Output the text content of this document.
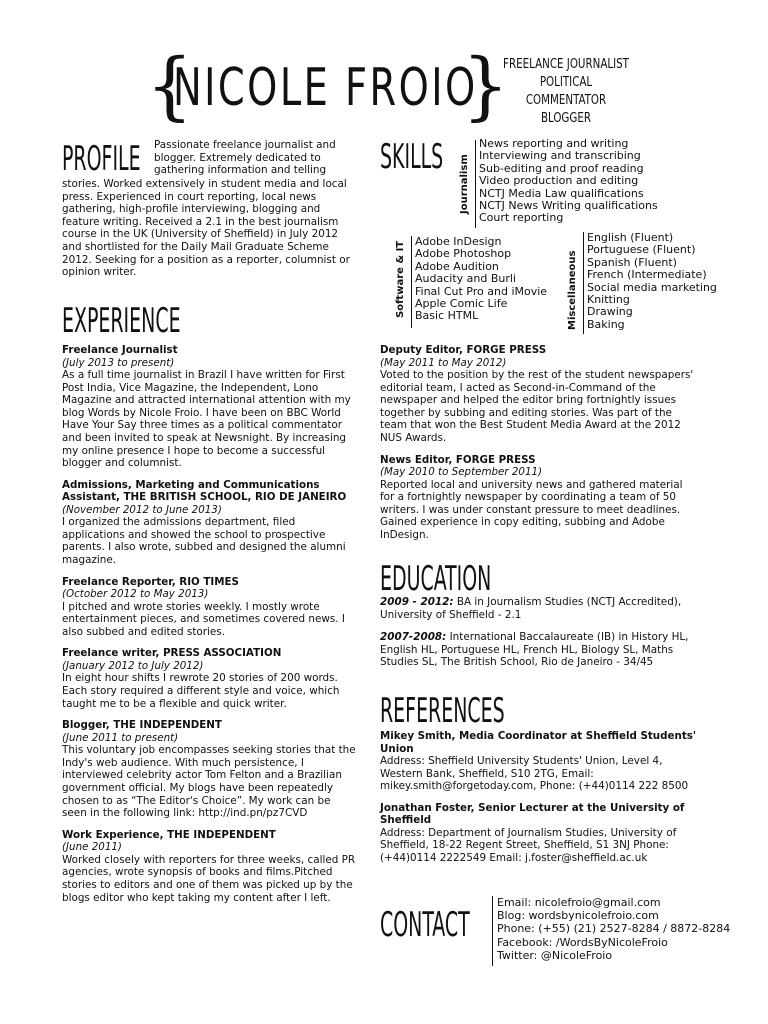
{
NICOLE FROIO
}
FREELANCE JOURNALIST
POLITICAL COMMENTATOR
BLOGGER
PROFILE Passionate freelance journalist and blogger. Extremely dedicated to gathering information and telling
stories. Worked extensively in student media and local press. Experienced in court reporting, local news gathering, high-profile interviewing, blogging and feature writing. Received a 2.1 in the best journalism course in the UK (University of Sheffield) in July 2012 and shortlisted for the Daily Mail Graduate Scheme 2012. Seeking for a position as a reporter, columnist or opinion writer.
SKILLS Journalism
News reporting and writing
Interviewing and transcribing
Sub-editing and proof reading
Video production and editing
NCTJ Media Law qualifications
NCTJ News Writing qualifications
Court reporting
Software & IT Adobe InDesign
Adobe Photoshop
Adobe Audition
Audacity and Burli
Final Cut Pro and iMovie
Apple Comic Life
Basic HTML	Miscellaneous
English (Fluent)
Portuguese (Fluent)
Spanish (Fluent)
French (Intermediate)
Social media marketing
Knitting
Drawing
Baking
EXPERIENCE
Freelance Journalist
(July 2013 to present)
As a full time journalist in Brazil I have written for First Post India, Vice Magazine, the Independent, Lono Magazine and attracted international attention with my blog Words by Nicole Froio. I have been on BBC World Have Your Say three times as a political commentator and been invited to speak at Newsnight. By increasing my online presence I hope to become a successful blogger and columnist.
Admissions, Marketing and Communications Assistant, THE BRITISH SCHOOL, RIO DE JANEIRO
(November 2012 to June 2013)
I organized the admissions department, filed applications and showed the school to prospective parents. I also wrote, subbed and designed the alumni magazine.
Freelance Reporter, RIO TIMES
(October 2012 to May 2013)
I pitched and wrote stories weekly. I mostly wrote entertainment pieces, and sometimes covered news. I also subbed and edited stories.
Freelance writer, PRESS ASSOCIATION
(January 2012 to July 2012)
In eight hour shifts I rewrote 20 stories of 200 words. Each story required a different style and voice, which taught me to be a flexible and quick writer.
Blogger, THE INDEPENDENT
(June 2011 to present)
This voluntary job encompasses seeking stories that the Indy's web audience. With much persistence, I interviewed celebrity actor Tom Felton and a Brazilian government official. My blogs have been repeatedly chosen to as “The Editor's Choice”. My work can be seen in the following link: http://ind.pn/pz7CVD
Work Experience, THE INDEPENDENT
(June 2011)
Worked closely with reporters for three weeks, called PR agencies, wrote synopsis of books and films.Pitched stories to editors and one of them was picked up by the blogs editor who kept taking my content after I left.
Deputy Editor, FORGE PRESS
(May 2011 to May 2012)
Voted to the position by the rest of the student newspapers' editorial team, I acted as Second-in-Command of the newspaper and helped the editor bring fortnightly issues together by subbing and editing stories. Was part of the team that won the Best Student Media Award at the 2012 NUS Awards.
News Editor, FORGE PRESS
(May 2010 to September 2011)
Reported local and university news and gathered material for a fortnightly newspaper by coordinating a team of 50 writers. I was under constant pressure to meet deadlines. Gained experience in copy editing, subbing and Adobe InDesign.
EDUCATION
2009 - 2012: BA in Journalism Studies (NCTJ Accredited), University of Sheffield - 2.1
2007-2008: International Baccalaureate (IB) in History HL, English HL, Portuguese HL, French HL, Biology SL, Maths Studies SL, The British School, Rio de Janeiro - 34/45
REFERENCES
Mikey Smith, Media Coordinator at Sheffield Students' Union
Address: Sheffield University Students' Union, Level 4, Western Bank, Sheffield, S10 2TG, Email: mikey.smith@forgetoday.com, Phone: (+44)0114 222 8500
Jonathan Foster, Senior Lecturer at the University of Sheffield
Address: Department of Journalism Studies, University of Sheffield, 18-22 Regent Street, Sheffield, S1 3NJ Phone: (+44)0114 2222549 Email: j.foster@sheffield.ac.uk
CONTACT
Email: nicolefroio@gmail.com
Blog: wordsbynicolefroio.com
Phone: (+55) (21) 2527-8284 / 8872-8284
Facebook: /WordsByNicoleFroio
Twitter: @NicoleFroio
